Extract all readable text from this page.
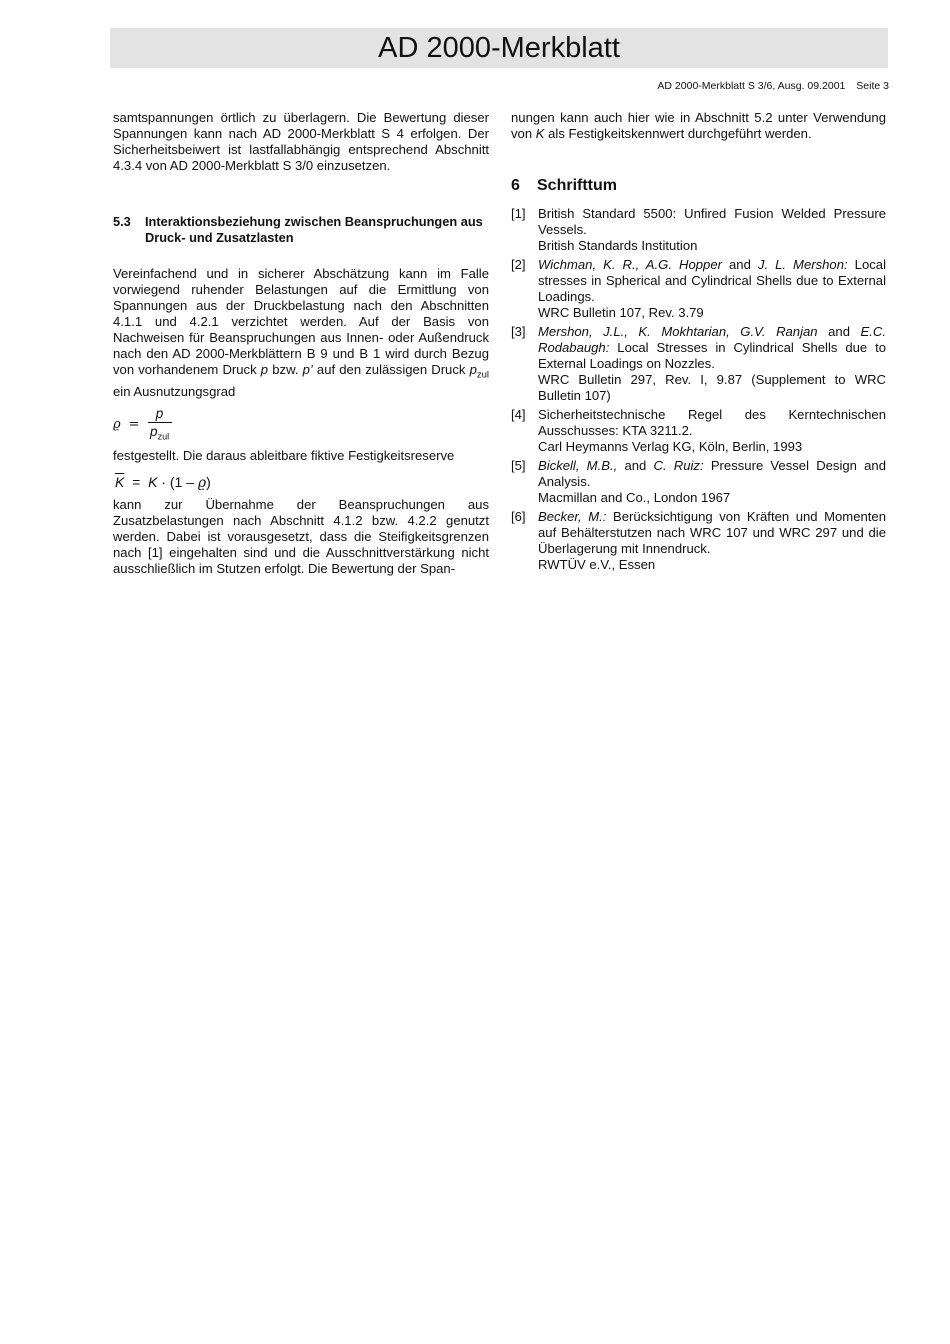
AD 2000-Merkblatt
AD 2000-Merkblatt S 3/6, Ausg. 09.2001 Seite 3

samtspannungen örtlich zu überlagern. Die Bewertung dieser Spannungen kann nach AD 2000-Merkblatt S 4 erfolgen. Der Sicherheitsbeiwert ist lastfallabhängig entsprechend Abschnitt 4.3.4 von AD 2000-Merkblatt S 3/0 einzusetzen.

5.3	Interaktionsbeziehung zwischen Beanspruchungen aus Druck- und Zusatzlasten

Vereinfachend und in sicherer Abschätzung kann im Falle vorwiegend ruhender Belastungen auf die Ermittlung von Spannungen aus der Druckbelastung nach den Abschnitten 4.1.1 und 4.2.1 verzichtet werden. Auf der Basis von Nachweisen für Beanspruchungen aus Innen- oder Außendruck nach den AD 2000-Merkblättern B 9 und B 1 wird durch Bezug von vorhandenem Druck p bzw. p’ auf den zulässigen Druck $p_{zul}$ ein Ausnutzungsgrad

$ϱ = \frac{p}{p_{zul}}$

festgestellt. Die daraus ableitbare fiktive Festigkeitsreserve

$\overline{K} = K \cdot (1 - ϱ)$

kann zur Übernahme der Beanspruchungen aus Zusatzbelastungen nach Abschnitt 4.1.2 bzw. 4.2.2 genutzt werden. Dabei ist vorausgesetzt, dass die Steifigkeitsgrenzen nach [1] eingehalten sind und die Ausschnittverstärkung nicht ausschließlich im Stutzen erfolgt. Die Bewertung der Span-

nungen kann auch hier wie in Abschnitt 5.2 unter Verwendung von K als Festigkeitskennwert durchgeführt werden.

6	Schrifttum
[1] British Standard 5500: Unfired Fusion Welded Pressure Vessels.
British Standards Institution
[2] Wichman, K. R., A.G. Hopper and J. L. Mershon: Local stresses in Spherical and Cylindrical Shells due to External Loadings.
WRC Bulletin 107, Rev. 3.79
[3] Mershon, J.L., K. Mokhtarian, G.V. Ranjan and E.C. Rodabaugh: Local Stresses in Cylindrical Shells due to External Loadings on Nozzles.
WRC Bulletin 297, Rev. I, 9.87 (Supplement to WRC Bulletin 107)
[4] Sicherheitstechnische Regel des Kerntechnischen Ausschusses: KTA 3211.2.
Carl Heymanns Verlag KG, Köln, Berlin, 1993
[5] Bickell, M.B., and C. Ruiz: Pressure Vessel Design and Analysis.
Macmillan and Co., London 1967
[6] Becker, M.: Berücksichtigung von Kräften und Momenten auf Behälterstutzen nach WRC 107 und WRC 297 und die Überlagerung mit Innendruck.
RWTÜV e.V., Essen
